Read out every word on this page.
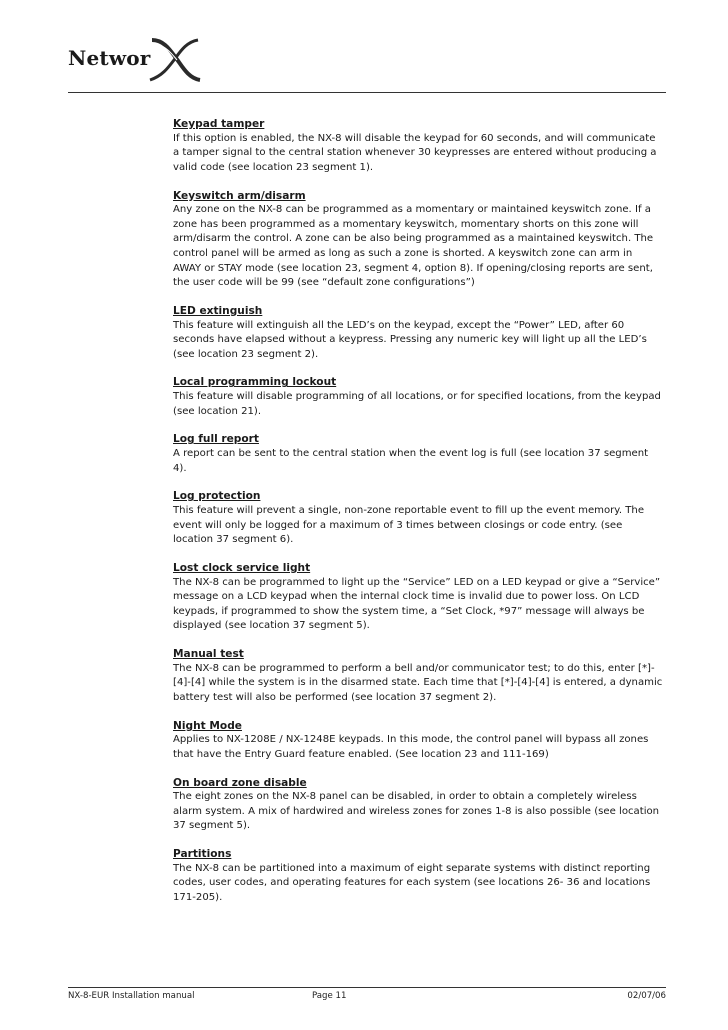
Networ

Keypad tamper

If this option is enabled, the NX-8 will disable the keypad for 60 seconds, and will communicate a tamper signal to the central station whenever 30 keypresses are entered without producing a valid code (see location 23 segment 1).

Keyswitch arm/disarm

Any zone on the NX-8 can be programmed as a momentary or maintained keyswitch zone. If a zone has been programmed as a momentary keyswitch, momentary shorts on this zone will arm/disarm the control. A zone can be also being programmed as a maintained keyswitch. The control panel will be armed as long as such a zone is shorted. A keyswitch zone can arm in AWAY or STAY mode (see location 23, segment 4, option 8). If opening/closing reports are sent, the user code will be 99 (see “default zone configurations”)

LED extinguish

This feature will extinguish all the LED’s on the keypad, except the “Power” LED, after 60 seconds have elapsed without a keypress. Pressing any numeric key will light up all the LED’s (see location 23 segment 2).

Local programming lockout

This feature will disable programming of all locations, or for specified locations, from the keypad (see location 21).

Log full report

A report can be sent to the central station when the event log is full (see location 37 segment 4).

Log protection

This feature will prevent a single, non-zone reportable event to fill up the event memory. The event will only be logged for a maximum of 3 times between closings or code entry. (see location 37 segment 6).

Lost clock service light

The NX-8 can be programmed to light up the “Service” LED on a LED keypad or give a “Service” message on a LCD keypad when the internal clock time is invalid due to power loss. On LCD keypads, if programmed to show the system time, a “Set Clock, *97” message will always be displayed (see location 37 segment 5).

Manual test

The NX-8 can be programmed to perform a bell and/or communicator test; to do this, enter [*]-[4]-[4] while the system is in the disarmed state. Each time that [*]-[4]-[4] is entered, a dynamic battery test will also be performed (see location 37 segment 2).

Night Mode

Applies to NX-1208E / NX-1248E keypads. In this mode, the control panel will bypass all zones that have the Entry Guard feature enabled. (See location 23 and 111-169)

On board zone disable

The eight zones on the NX-8 panel can be disabled, in order to obtain a completely wireless alarm system. A mix of hardwired and wireless zones for zones 1-8 is also possible (see location 37 segment 5).

Partitions

The NX-8 can be partitioned into a maximum of eight separate systems with distinct reporting codes, user codes, and operating features for each system (see locations 26- 36 and locations 171-205).

NX-8-EUR Installation manual	Page 11	02/07/06
